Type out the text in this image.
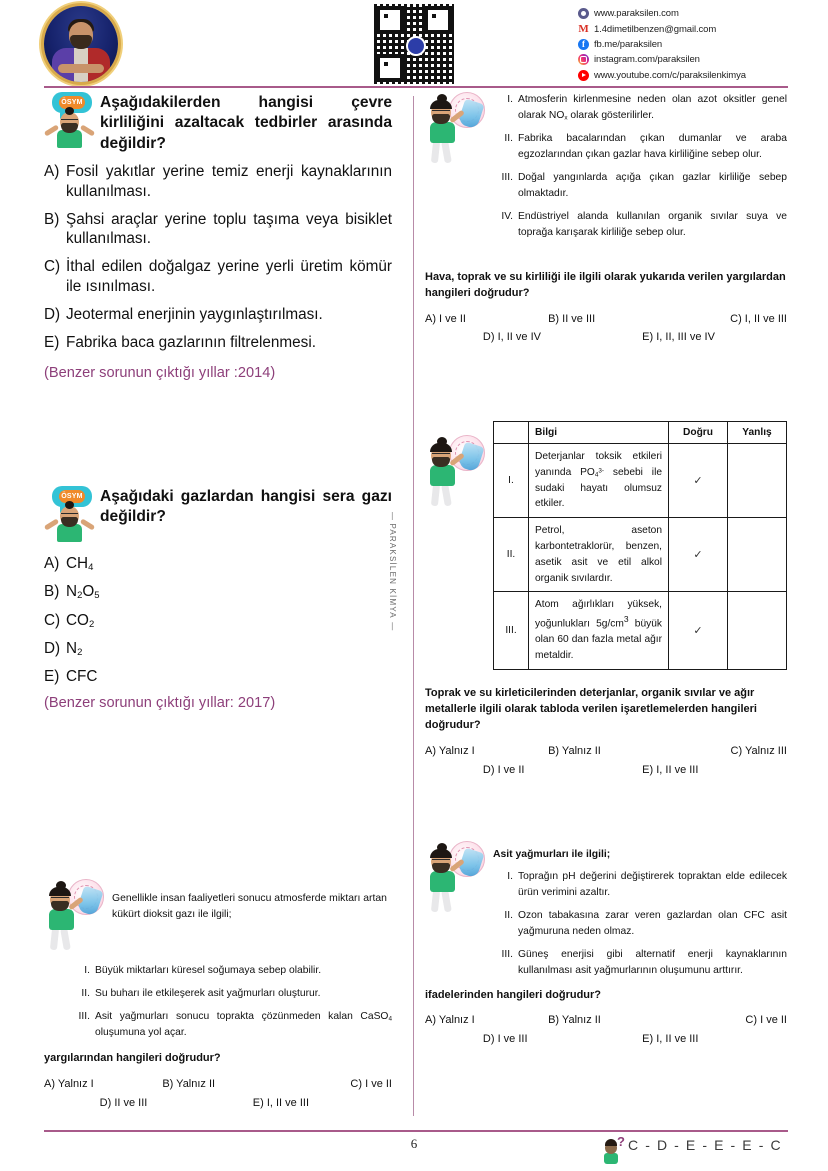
www.paraksilen.com
M 1.4dimetilbenzen@gmail.com
f fb.me/paraksilen
instagram.com/paraksilen
www.youtube.com/c/paraksilenkimya
— PARAKSİLEN KİMYA —
ÖSYM Aşağıdakilerden hangisi çevre kirliliğini azaltacak tedbirler arasında değildir?
A) Fosil yakıtlar yerine temiz enerji kaynaklarının kullanılması.
B) Şahsi araçlar yerine toplu taşıma veya bisiklet kullanılması.
C) İthal edilen doğalgaz yerine yerli üretim kömür ile ısınılması.
D) Jeotermal enerjinin yaygınlaştırılması.
E) Fabrika baca gazlarının filtrelenmesi.
(Benzer sorunun çıktığı yıllar :2014)
ÖSYM Aşağıdaki gazlardan hangisi sera gazı değildir?
A) $CH_4$
B) $N_2O_5$
C) $CO_2$
D) $N_2$
E) CFC
(Benzer sorunun çıktığı yıllar: 2017)
Genellikle insan faaliyetleri sonucu atmosferde miktarı artan kükürt dioksit gazı ile ilgili;
I. Büyük miktarları küresel soğumaya sebep olabilir.
II. Su buharı ile etkileşerek asit yağmurları oluşturur.
III. Asit yağmurları sonucu toprakta çözünmeden kalan CaSO$_4$ oluşumuna yol açar.
yargılarından hangileri doğrudur?
A) Yalnız I	B) Yalnız II	C) I ve II
D) II ve III	E) I, II ve III
I. Atmosferin kirlenmesine neden olan azot oksitler genel olarak $NO_x$ olarak gösterilirler.
II. Fabrika bacalarından çıkan dumanlar ve araba egzozlarından çıkan gazlar hava kirliliğine sebep olur.
III. Doğal yangınlarda açığa çıkan gazlar kirliliğe sebep olmaktadır.
IV. Endüstriyel alanda kullanılan organik sıvılar suya ve toprağa karışarak kirliliğe sebep olur.
Hava, toprak ve su kirliliği ile ilgili olarak yukarıda verilen yargılardan hangileri doğrudur?
A) I ve II	B) II ve III	C) I, II ve III
D) I, II ve IV	E) I, II, III ve IV
	Bilgi	Doğru	Yanlış
I.	Deterjanlar toksik etkileri yanında $PO_4^{3-}$ sebebi ile sudaki hayatı olumsuz etkiler.	✓	
II.	Petrol, aseton karbontetraklorür, benzen, asetik asit ve etil alkol organik sıvılardır.	✓	
III.	Atom ağırlıkları yüksek, yoğunlukları $5g/cm^3$ büyük olan 60 dan fazla metal ağır metaldir.	✓	
Toprak ve su kirleticilerinden deterjanlar, organik sıvılar ve ağır metallerle ilgili olarak tabloda verilen işaretlemelerden hangileri doğrudur?
A) Yalnız I	B) Yalnız II	C) Yalnız III
D) I ve II	E) I, II ve III
Asit yağmurları ile ilgili;
I. Toprağın pH değerini değiştirerek topraktan elde edilecek ürün verimini azaltır.
II. Ozon tabakasına zarar veren gazlardan olan CFC asit yağmuruna neden olmaz.
III. Güneş enerjisi gibi alternatif enerji kaynaklarının kullanılması asit yağmurlarının oluşumunu arttırır.
ifadelerinden hangileri doğrudur?
A) Yalnız I	B) Yalnız II	C) I ve II
D) I ve III	E) I, II ve III
6	? C - D - E - E - E - C
